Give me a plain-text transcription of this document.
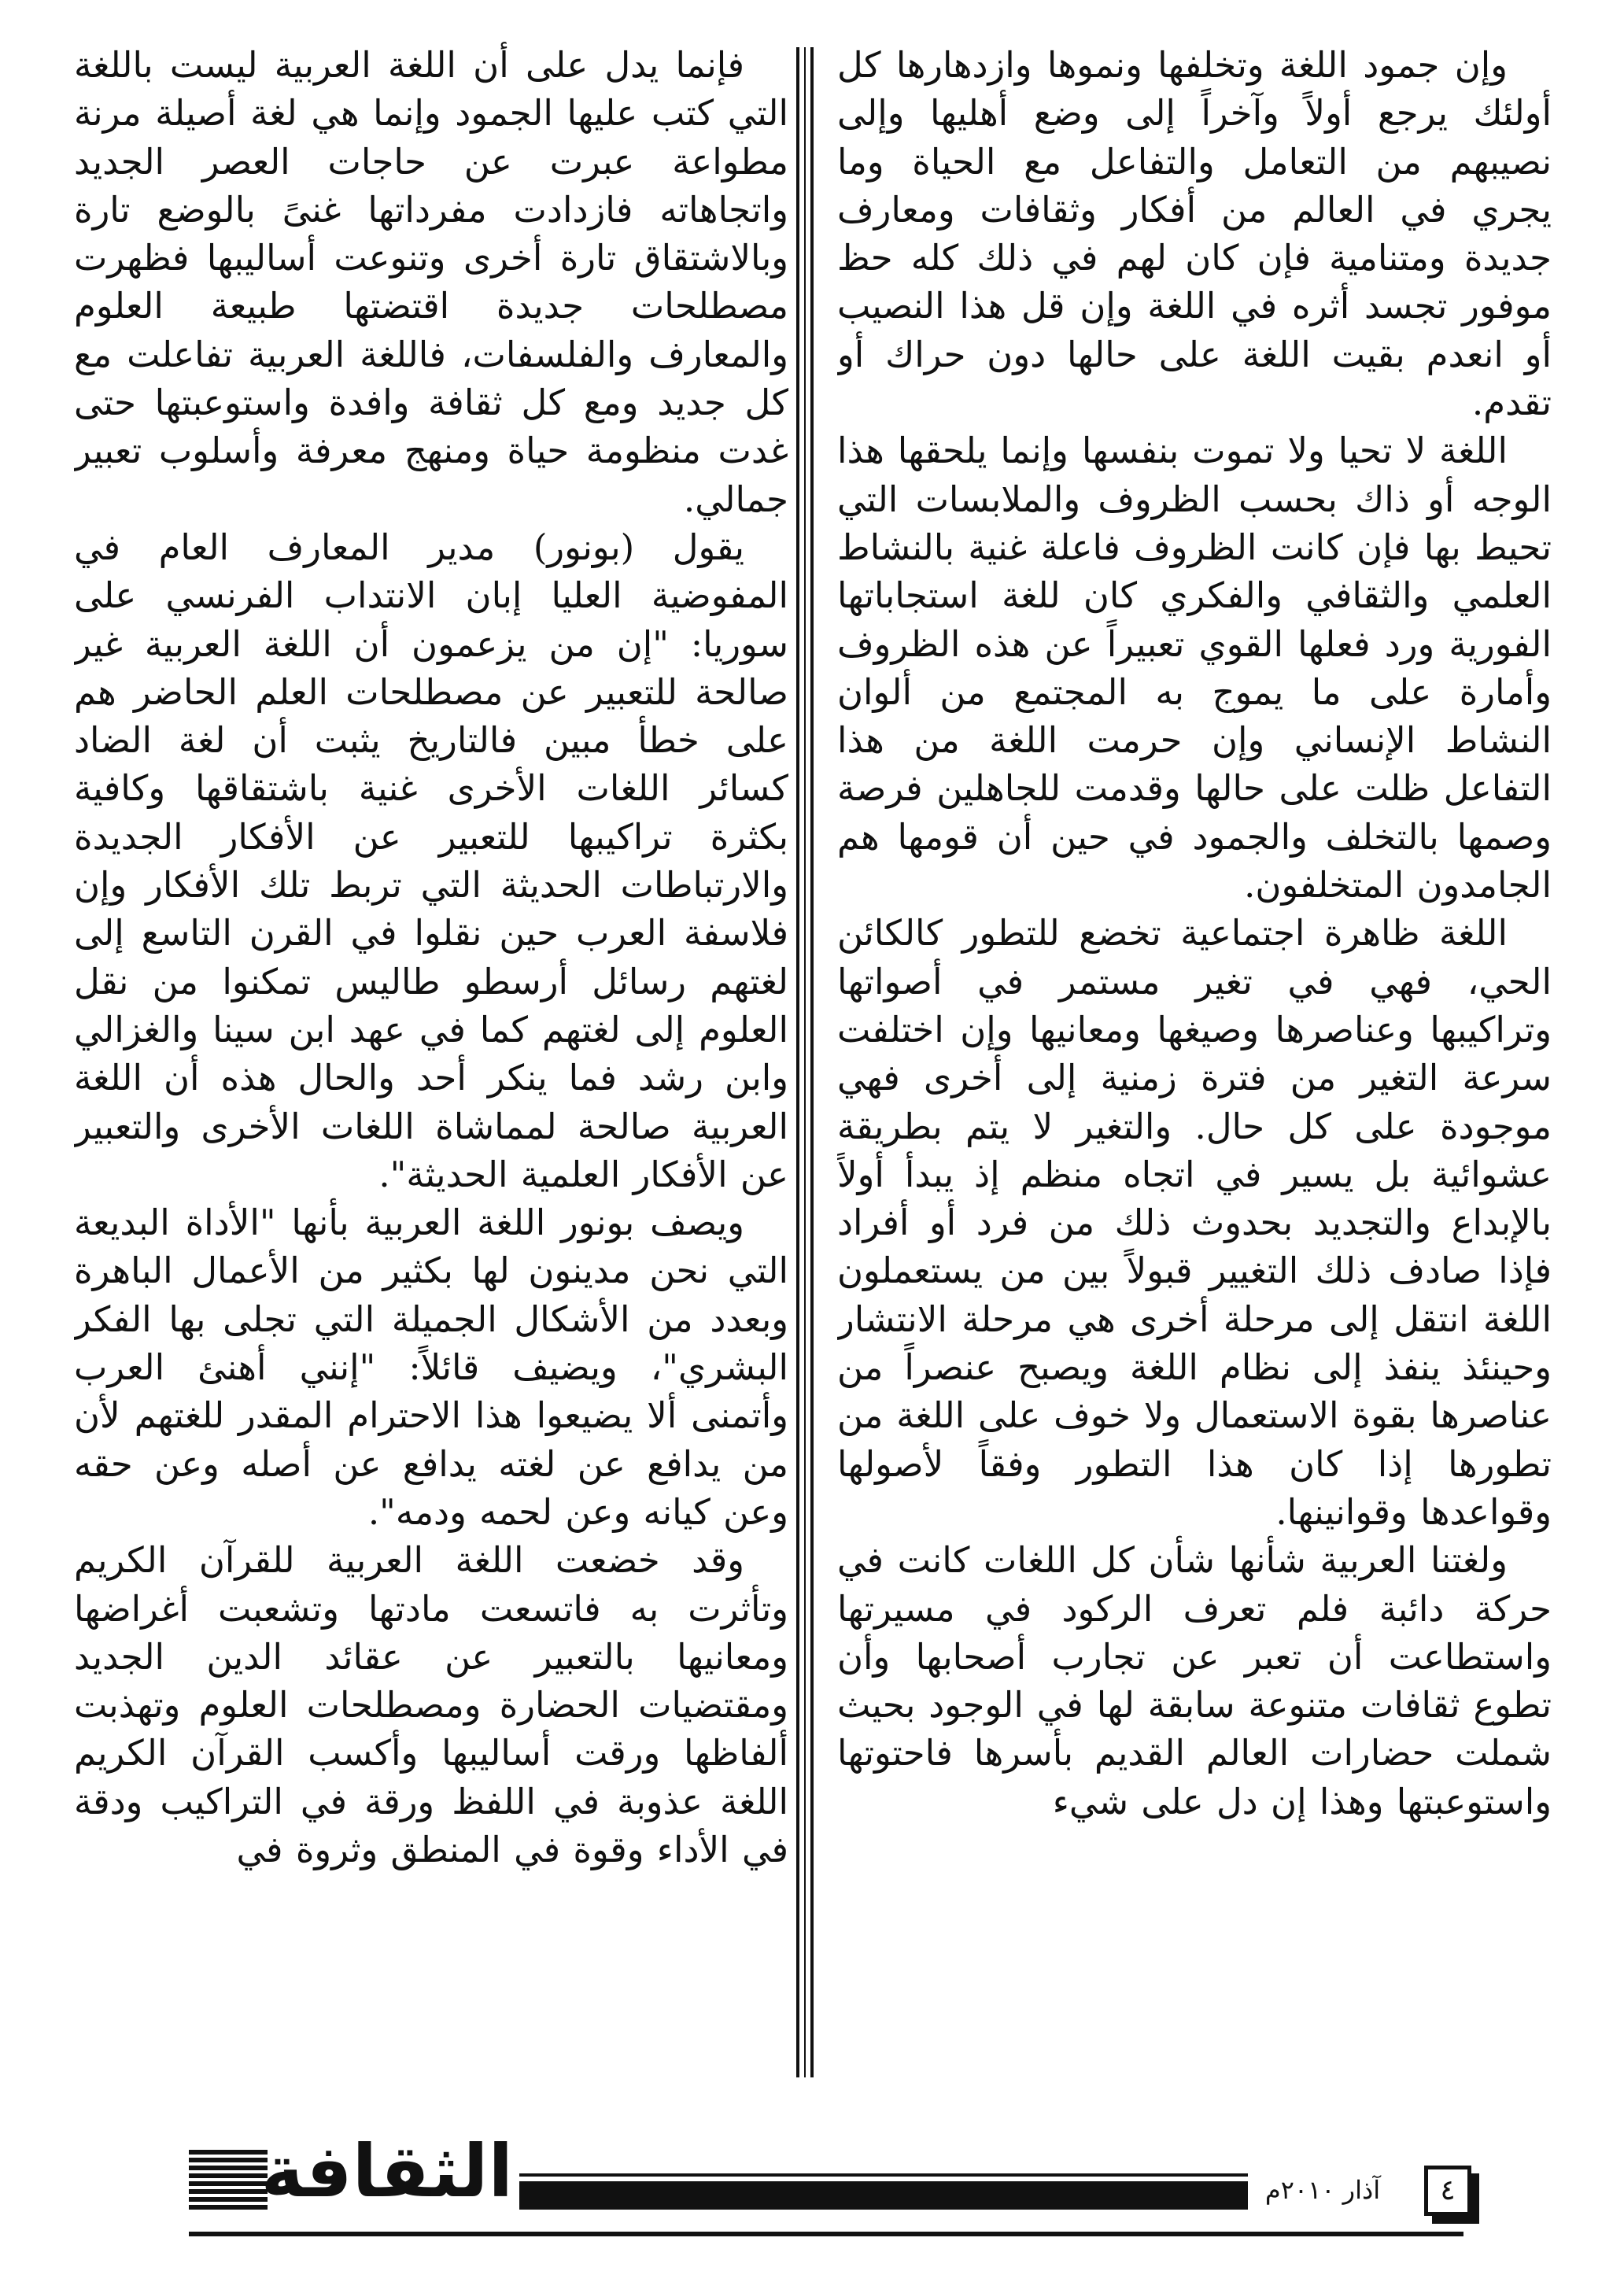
وإن جمود اللغة وتخلفها ونموها وازدهارها كل أولئك يرجع أولاً وآخراً إلى وضع أهليها وإلى نصيبهم من التعامل والتفاعل مع الحياة وما يجري في العالم من أفكار وثقافات ومعارف جديدة ومتنامية فإن كان لهم في ذلك كله حظ موفور تجسد أثره في اللغة وإن قل هذا النصيب أو انعدم بقيت اللغة على حالها دون حراك أو تقدم.

اللغة لا تحيا ولا تموت بنفسها وإنما يلحقها هذا الوجه أو ذاك بحسب الظروف والملابسات التي تحيط بها فإن كانت الظروف فاعلة غنية بالنشاط العلمي والثقافي والفكري كان للغة استجاباتها الفورية ورد فعلها القوي تعبيراً عن هذه الظروف وأمارة على ما يموج به المجتمع من ألوان النشاط الإنساني وإن حرمت اللغة من هذا التفاعل ظلت على حالها وقدمت للجاهلين فرصة وصمها بالتخلف والجمود في حين أن قومها هم الجامدون المتخلفون.

اللغة ظاهرة اجتماعية تخضع للتطور كالكائن الحي، فهي في تغير مستمر في أصواتها وتراكيبها وعناصرها وصيغها ومعانيها وإن اختلفت سرعة التغير من فترة زمنية إلى أخرى فهي موجودة على كل حال. والتغير لا يتم بطريقة عشوائية بل يسير في اتجاه منظم إذ يبدأ أولاً بالإبداع والتجديد بحدوث ذلك من فرد أو أفراد فإذا صادف ذلك التغيير قبولاً بين من يستعملون اللغة انتقل إلى مرحلة أخرى هي مرحلة الانتشار وحينئذ ينفذ إلى نظام اللغة ويصبح عنصراً من عناصرها بقوة الاستعمال ولا خوف على اللغة من تطورها إذا كان هذا التطور وفقاً لأصولها وقواعدها وقوانينها.

ولغتنا العربية شأنها شأن كل اللغات كانت في حركة دائبة فلم تعرف الركود في مسيرتها واستطاعت أن تعبر عن تجارب أصحابها وأن تطوع ثقافات متنوعة سابقة لها في الوجود بحيث شملت حضارات العالم القديم بأسرها فاحتوتها واستوعبتها وهذا إن دل على شيء

فإنما يدل على أن اللغة العربية ليست باللغة التي كتب عليها الجمود وإنما هي لغة أصيلة مرنة مطواعة عبرت عن حاجات العصر الجديد واتجاهاته فازدادت مفرداتها غنىً بالوضع تارة وبالاشتقاق تارة أخرى وتنوعت أساليبها فظهرت مصطلحات جديدة اقتضتها طبيعة العلوم والمعارف والفلسفات، فاللغة العربية تفاعلت مع كل جديد ومع كل ثقافة وافدة واستوعبتها حتى غدت منظومة حياة ومنهج معرفة وأسلوب تعبير جمالي.

يقول (بونور) مدير المعارف العام في المفوضية العليا إبان الانتداب الفرنسي على سوريا: "إن من يزعمون أن اللغة العربية غير صالحة للتعبير عن مصطلحات العلم الحاضر هم على خطأ مبين فالتاريخ يثبت أن لغة الضاد كسائر اللغات الأخرى غنية باشتقاقها وكافية بكثرة تراكيبها للتعبير عن الأفكار الجديدة والارتباطات الحديثة التي تربط تلك الأفكار وإن فلاسفة العرب حين نقلوا في القرن التاسع إلى لغتهم رسائل أرسطو طاليس تمكنوا من نقل العلوم إلى لغتهم كما في عهد ابن سينا والغزالي وابن رشد فما ينكر أحد والحال هذه أن اللغة العربية صالحة لمماشاة اللغات الأخرى والتعبير عن الأفكار العلمية الحديثة".

ويصف بونور اللغة العربية بأنها "الأداة البديعة التي نحن مدينون لها بكثير من الأعمال الباهرة وبعدد من الأشكال الجميلة التي تجلى بها الفكر البشري"، ويضيف قائلاً: "إنني أهنئ العرب وأتمنى ألا يضيعوا هذا الاحترام المقدر للغتهم لأن من يدافع عن لغته يدافع عن أصله وعن حقه وعن كيانه وعن لحمه ودمه".

وقد خضعت اللغة العربية للقرآن الكريم وتأثرت به فاتسعت مادتها وتشعبت أغراضها ومعانيها بالتعبير عن عقائد الدين الجديد ومقتضيات الحضارة ومصطلحات العلوم وتهذبت ألفاظها ورقت أساليبها وأكسب القرآن الكريم اللغة عذوبة في اللفظ ورقة في التراكيب ودقة في الأداء وقوة في المنطق وثروة في

الثقافة	آذار ٢٠١٠م	٤
